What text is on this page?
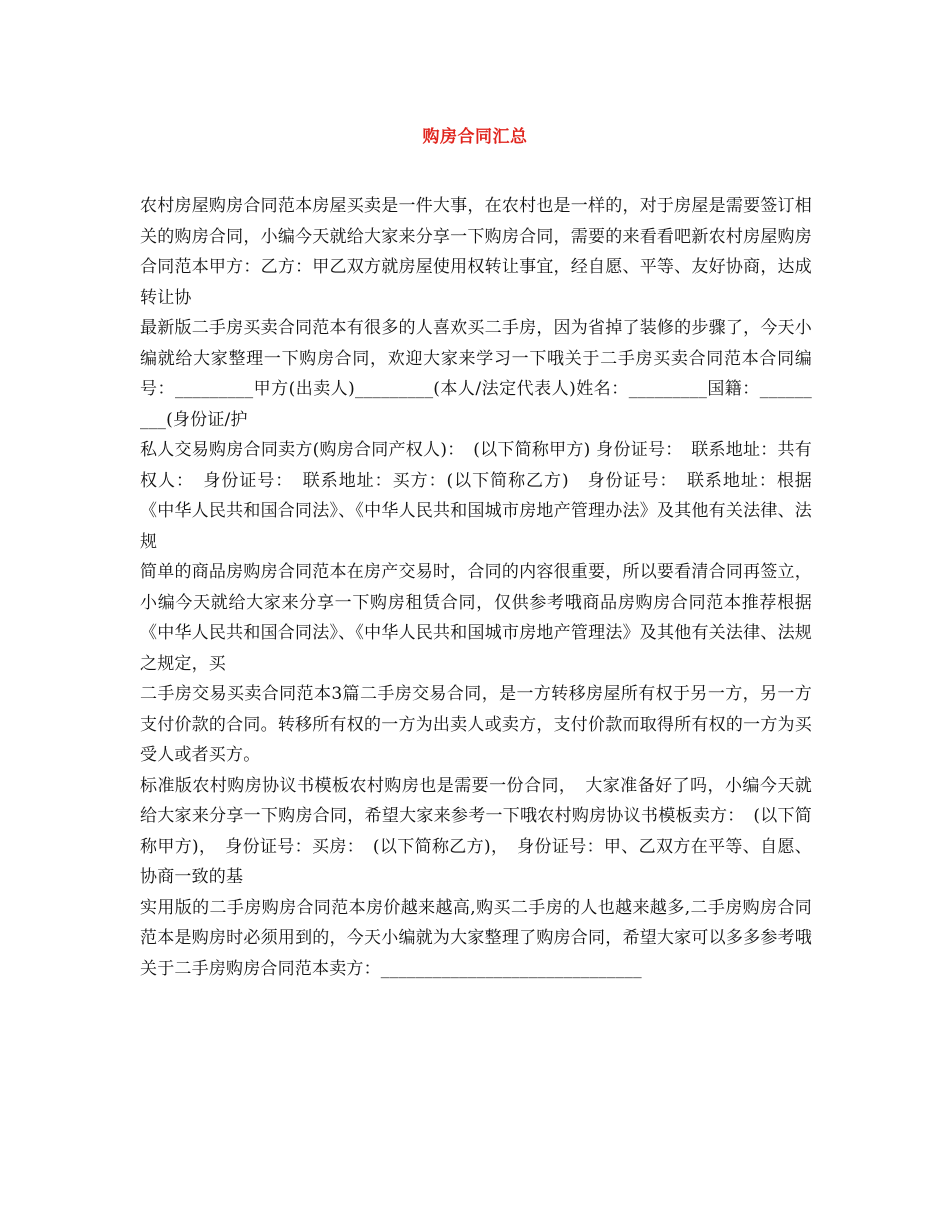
购房合同汇总

农村房屋购房合同范本房屋买卖是一件大事，在农村也是一样的，对于房屋是需要签订相关的购房合同，小编今天就给大家来分享一下购房合同，需要的来看看吧新农村房屋购房合同范本甲方：乙方：甲乙双方就房屋使用权转让事宜，经自愿、平等、友好协商，达成转让协

最新版二手房买卖合同范本有很多的人喜欢买二手房，因为省掉了装修的步骤了，今天小编就给大家整理一下购房合同，欢迎大家来学习一下哦关于二手房买卖合同范本合同编号：_________甲方(出卖人)_________(本人/法定代表人)姓名：_________国籍：_________(身份证/护

私人交易购房合同卖方(购房合同产权人)：　(以下简称甲方) 身份证号：　联系地址：共有权人：　身份证号：　联系地址：买方：(以下简称乙方)　身份证号：　联系地址：根据《中华人民共和国合同法》、《中华人民共和国城市房地产管理办法》及其他有关法律、法规

简单的商品房购房合同范本在房产交易时，合同的内容很重要，所以要看清合同再签立，小编今天就给大家来分享一下购房租赁合同，仅供参考哦商品房购房合同范本推荐根据《中华人民共和国合同法》、《中华人民共和国城市房地产管理法》及其他有关法律、法规之规定，买

二手房交易买卖合同范本3篇二手房交易合同，是一方转移房屋所有权于另一方，另一方支付价款的合同。转移所有权的一方为出卖人或卖方，支付价款而取得所有权的一方为买受人或者买方。

标准版农村购房协议书模板农村购房也是需要一份合同，　大家准备好了吗，小编今天就给大家来分享一下购房合同，希望大家来参考一下哦农村购房协议书模板卖方：　(以下简称甲方)，　身份证号：买房：　(以下简称乙方)，　身份证号：甲、乙双方在平等、自愿、协商一致的基

实用版的二手房购房合同范本房价越来越高,购买二手房的人也越来越多,二手房购房合同范本是购房时必须用到的，今天小编就为大家整理了购房合同，希望大家可以多多参考哦关于二手房购房合同范本卖方：______________________________
